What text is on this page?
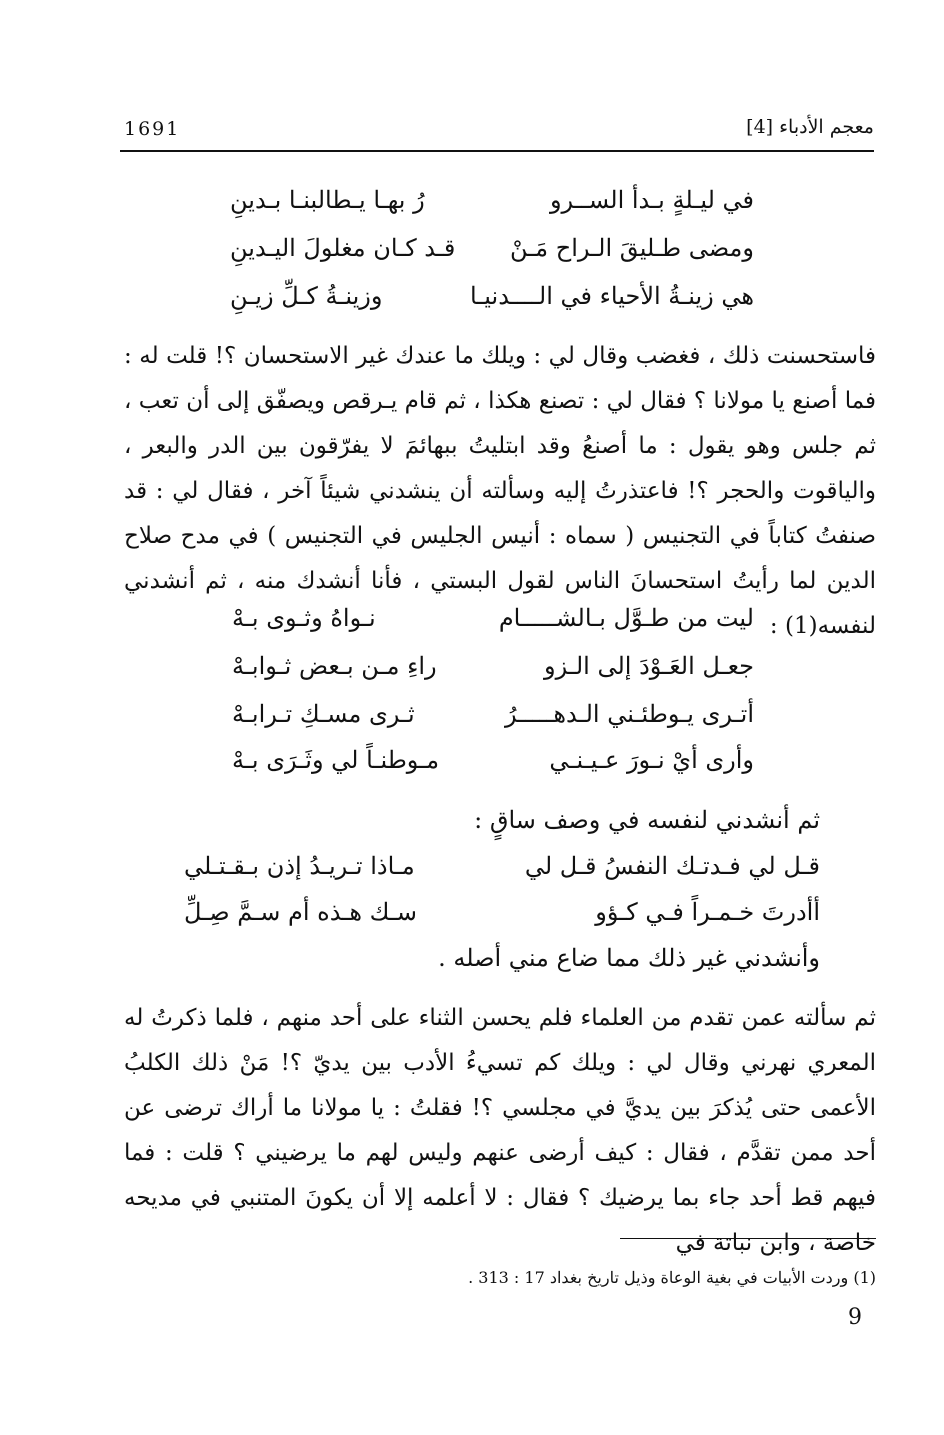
1691	معجم الأدباء [4]
في ليـلةٍ بـدأ الســرو
رُ بهـا يـطالبنـا بـدينِ
ومضى طـليقَ الـراح مَـنْ
قـد كـان مغلولَ اليـدينِ
هي زينـةُ الأحياء في الــــدنيـا
وزينـةُ كـلِّ زيـنِ
فاستحسنت ذلك ، فغضب وقال لي : ويلك ما عندك غير الاستحسان ؟! قلت له : فما أصنع يا مولانا ؟ فقال لي : تصنع هكذا ، ثم قام يـرقص ويصفّق إلى أن تعب ، ثم جلس وهو يقول : ما أصنعُ وقد ابتليتُ ببهائمَ لا يفرّقون بين الدر والبعر ، والياقوت والحجر ؟! فاعتذرتُ إليه وسألته أن ينشدني شيئاً آخر ، فقال لي : قد صنفتُ كتاباً في التجنيس ( سماه : أنيس الجليس في التجنيس ) في مدح صلاح الدين لما رأيتُ استحسانَ الناس لقول البستي ، فأنا أنشدك منه ، ثم أنشدني لنفسه(1) :
ليت من طـوَّل بـالشـــــام
نـواهُ وثـوى بـهْ
جعـل العَـوْدَ إلى الـزو
راءِ مـن بـعض ثـوابـهْ
أتـرى يـوطئـني الـدهـــــرُ
ثـرى مسـكِ تـرابـهْ
وأرى أيْ نـورَ عـيـنـي
مـوطنـاً لي وثَـرَى بـهْ
ثم أنشدني لنفسه في وصف ساقٍ :
قـل لي فـدتـك النفسُ قـل لي
مـاذا تـريـدُ إذن بـقـتـلي
أأدرتَ خـمـراً فـي كـؤو
سـك هـذه أم سـمَّ صِـلِّ
وأنشدني غير ذلك مما ضاع مني أصله .
ثم سألته عمن تقدم من العلماء فلم يحسن الثناء على أحد منهم ، فلما ذكرتُ له المعري نهرني وقال لي : ويلك كم تسيءُ الأدب بين يديّ ؟! مَنْ ذلك الكلبُ الأعمى حتى يُذكرَ بين يديَّ في مجلسي ؟! فقلتُ : يا مولانا ما أراك ترضى عن أحد ممن تقدَّم ، فقال : كيف أرضى عنهم وليس لهم ما يرضيني ؟ قلت : فما فيهم قط أحد جاء بما يرضيك ؟ فقال : لا أعلمه إلا أن يكونَ المتنبي في مديحه خاصة ، وابن نباتة في
(1) وردت الأبيات في بغية الوعاة وذيل تاريخ بغداد 17 : 313 .
9
